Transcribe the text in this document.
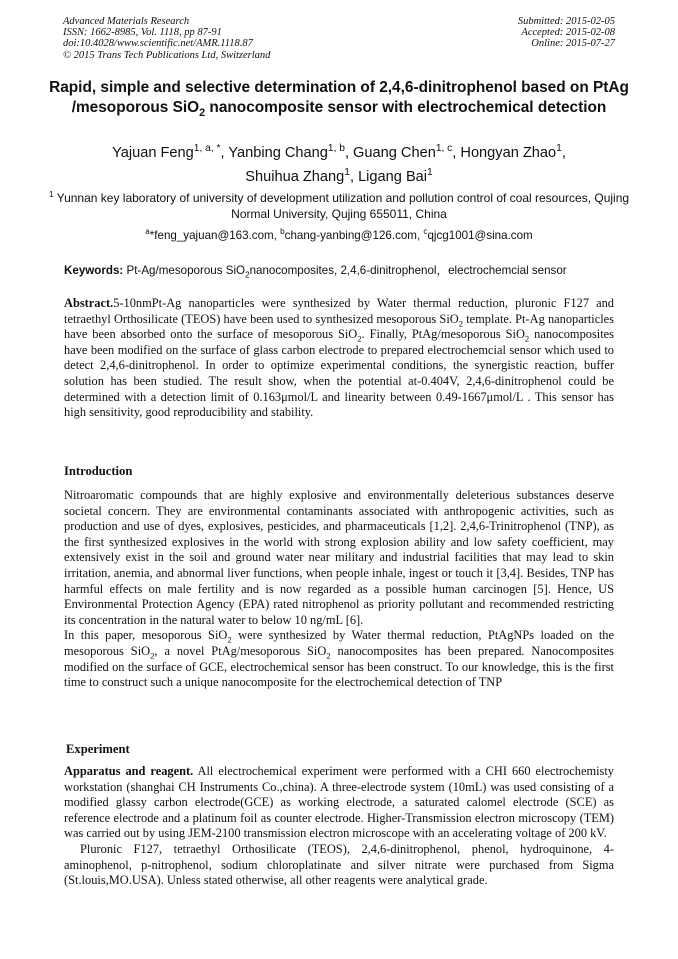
Advanced Materials Research
ISSN: 1662-8985, Vol. 1118, pp 87-91
doi:10.4028/www.scientific.net/AMR.1118.87
© 2015 Trans Tech Publications Ltd, Switzerland
Submitted: 2015-02-05
Accepted: 2015-02-08
Online: 2015-07-27
Rapid, simple and selective determination of 2,4,6-dinitrophenol based on PtAg /mesoporous SiO$_2$ nanocomposite sensor with electrochemical detection
Yajuan Feng$^{1, a, *}$, Yanbing Chang$^{1, b}$, Guang Chen$^{1, c}$, Hongyan Zhao$^1$,
Shuihua Zhang$^1$, Ligang Bai$^1$
$^1$ Yunnan key laboratory of university of development utilization and pollution control of coal resources, Qujing Normal University, Qujing 655011, China
$^a$*feng_yajuan@163.com, $^b$chang-yanbing@126.com, $^c$qjcg1001@sina.com
Keywords: Pt-Ag/mesoporous SiO$_2$nanocomposites, 2,4,6-dinitrophenol，electrochemcial sensor
Abstract.5-10nmPt-Ag nanoparticles were synthesized by Water thermal reduction, pluronic F127 and tetraethyl Orthosilicate (TEOS) have been used to synthesized mesoporous SiO$_2$ template. Pt-Ag nanoparticles have been absorbed onto the surface of mesoporous SiO$_2$. Finally, PtAg/mesoporous SiO$_2$ nanocomposites have been modified on the surface of glass carbon electrode to prepared electrochemcial sensor which used to detect 2,4,6-dinitrophenol. In order to optimize experimental conditions, the synergistic reaction, buffer solution has been studied. The result show, when the potential at-0.404V, 2,4,6-dinitrophenol could be determined with a detection limit of 0.163μmol/L and linearity between 0.49-1667μmol/L . This sensor has high sensitivity, good reproducibility and stability.
Introduction

Nitroaromatic compounds that are highly explosive and environmentally deleterious substances deserve societal concern. They are environmental contaminants associated with anthropogenic activities, such as production and use of dyes, explosives, pesticides, and pharmaceuticals [1,2]. 2,4,6-Trinitrophenol (TNP), as the first synthesized explosives in the world with strong explosion ability and low safety coefficient, may extensively exist in the soil and ground water near military and industrial facilities that may lead to skin irritation, anemia, and abnormal liver functions, when people inhale, ingest or touch it [3,4]. Besides, TNP has harmful effects on male fertility and is now regarded as a possible human carcinogen [5]. Hence, US Environmental Protection Agency (EPA) rated nitrophenol as priority pollutant and recommended restricting its concentration in the natural water to below 10 ng/mL [6].

In this paper, mesoporous SiO$_2$ were synthesized by Water thermal reduction, PtAgNPs loaded on the mesoporous SiO$_2$, a novel PtAg/mesoporous SiO$_2$ nanocomposites has been prepared. Nanocomposites modified on the surface of GCE, electrochemical sensor has been construct. To our knowledge, this is the first time to construct such a unique nanocomposite for the electrochemical detection of TNP

Experiment

Apparatus and reagent. All electrochemical experiment were performed with a CHI 660 electrochemisty workstation (shanghai CH Instruments Co.,china). A three-electrode system (10mL) was used consisting of a modified glassy carbon electrode(GCE) as working electrode, a saturated calomel electrode (SCE) as reference electrode and a platinum foil as counter electrode. Higher-Transmission electron microscopy (TEM) was carried out by using JEM-2100 transmission electron microscope with an accelerating voltage of 200 kV.

Pluronic F127, tetraethyl Orthosilicate (TEOS), 2,4,6-dinitrophenol, phenol, hydroquinone, 4-aminophenol, p-nitrophenol, sodium chloroplatinate and silver nitrate were purchased from Sigma (St.louis,MO.USA). Unless stated otherwise, all other reagents were analytical grade.
